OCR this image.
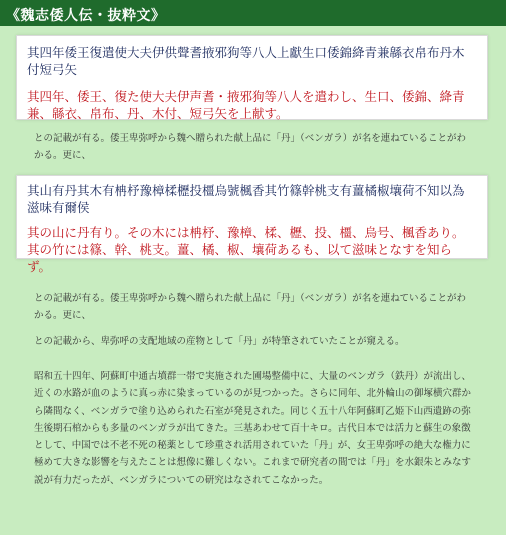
《魏志倭人伝・抜粋文》

其四年倭王復遣使大夫伊供聲耆掖邪狗等八人上獻生口倭錦絳青兼緜衣帛布丹木付短弓矢

其四年、倭王、復た使大夫伊声耆・掖邪狗等八人を遣わし、生口、倭錦、絳青兼、緜衣、帛布、丹、木付、短弓矢を上献す。

との記載が有る。倭王卑弥呼から魏へ贈られた献上品に「丹」（ベンガラ）が名を連ねていることがわかる。更に、

其山有丹其木有柟杼豫樟楺櫪投橿烏號楓香其竹篠幹桃支有薑橘椒壤荷不知以為滋味有爾侯

其の山に丹有り。その木には柟杼、豫樟、楺、櫪、投、橿、烏号、楓香あり。其の竹には篠、幹、桃支。薑、橘、椒、壤荷あるも、以て滋味となすを知らず。

との記載が有る。倭王卑弥呼から魏へ贈られた献上品に「丹」（ベンガラ）が名を連ねていることがわかる。更に、

との記載から、卑弥呼の支配地域の産物として「丹」が特筆されていたことが窺える。

昭和五十四年、阿蘇町中通古墳群一帯で実施された圃場整備中に、大量のベンガラ（鉄丹）が流出し、近くの水路が血のように真っ赤に染まっているのが見つかった。さらに同年、北外輪山の御塚横穴群から隣間なく、ベンガラで塗り込められた石室が発見された。同じく五十八年阿蘇町乙姫下山西遺跡の弥生後期石棺からも多量のベンガラが出てきた。三基あわせて百十キロ。古代日本では活力と蘇生の象徴として、中国では不老不死の秘薬として珍重され活用されていた「丹」が、女王卑弥呼の絶大な権力に極めて大きな影響を与えたことは想像に難しくない。これまで研究者の間では「丹」を水銀朱とみなす説が有力だったが、ベンガラについての研究はなされてこなかった。
